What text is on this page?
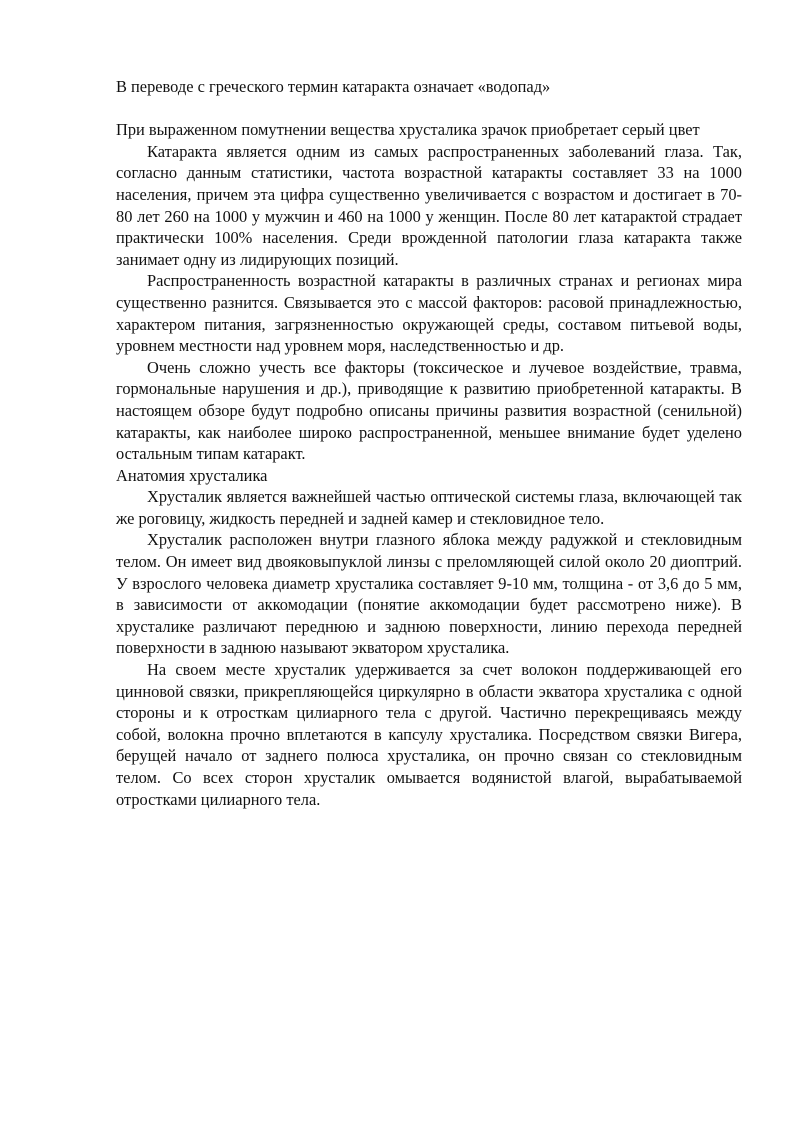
В переводе с греческого термин катаракта означает «водопад»

При выраженном помутнении вещества хрусталика зрачок приобретает серый цвет

Катаракта является одним из самых распространенных заболеваний глаза. Так, согласно данным статистики, частота возрастной катаракты составляет 33 на 1000 населения, причем эта цифра существенно увеличивается с возрастом и достигает в 70-80 лет 260 на 1000 у мужчин и 460 на 1000 у женщин. После 80 лет катарактой страдает практически 100% населения. Среди врожденной патологии глаза катаракта также занимает одну из лидирующих позиций.

Распространенность возрастной катаракты в различных странах и регионах мира существенно разнится. Связывается это с массой факторов: расовой принадлежностью, характером питания, загрязненностью окружающей среды, составом питьевой воды, уровнем местности над уровнем моря, наследственностью и др.

Очень сложно учесть все факторы (токсическое и лучевое воздействие, травма, гормональные нарушения и др.), приводящие к развитию приобретенной катаракты. В настоящем обзоре будут подробно описаны причины развития возрастной (сенильной) катаракты, как наиболее широко распространенной, меньшее внимание будет уделено остальным типам катаракт.

Анатомия хрусталика

Хрусталик является важнейшей частью оптической системы глаза, включающей так же роговицу, жидкость передней и задней камер и стекловидное тело.

Хрусталик расположен внутри глазного яблока между радужкой и стекловидным телом. Он имеет вид двояковыпуклой линзы с преломляющей силой около 20 диоптрий. У взрослого человека диаметр хрусталика составляет 9-10 мм, толщина - от 3,6 до 5 мм, в зависимости от аккомодации (понятие аккомодации будет рассмотрено ниже). В хрусталике различают переднюю и заднюю поверхности, линию перехода передней поверхности в заднюю называют экватором хрусталика.

На своем месте хрусталик удерживается за счет волокон поддерживающей его цинновой связки, прикрепляющейся циркулярно в области экватора хрусталика с одной стороны и к отросткам цилиарного тела с другой. Частично перекрещиваясь между собой, волокна прочно вплетаются в капсулу хрусталика. Посредством связки Вигера, берущей начало от заднего полюса хрусталика, он прочно связан со стекловидным телом. Со всех сторон хрусталик омывается водянистой влагой, вырабатываемой отростками цилиарного тела.
